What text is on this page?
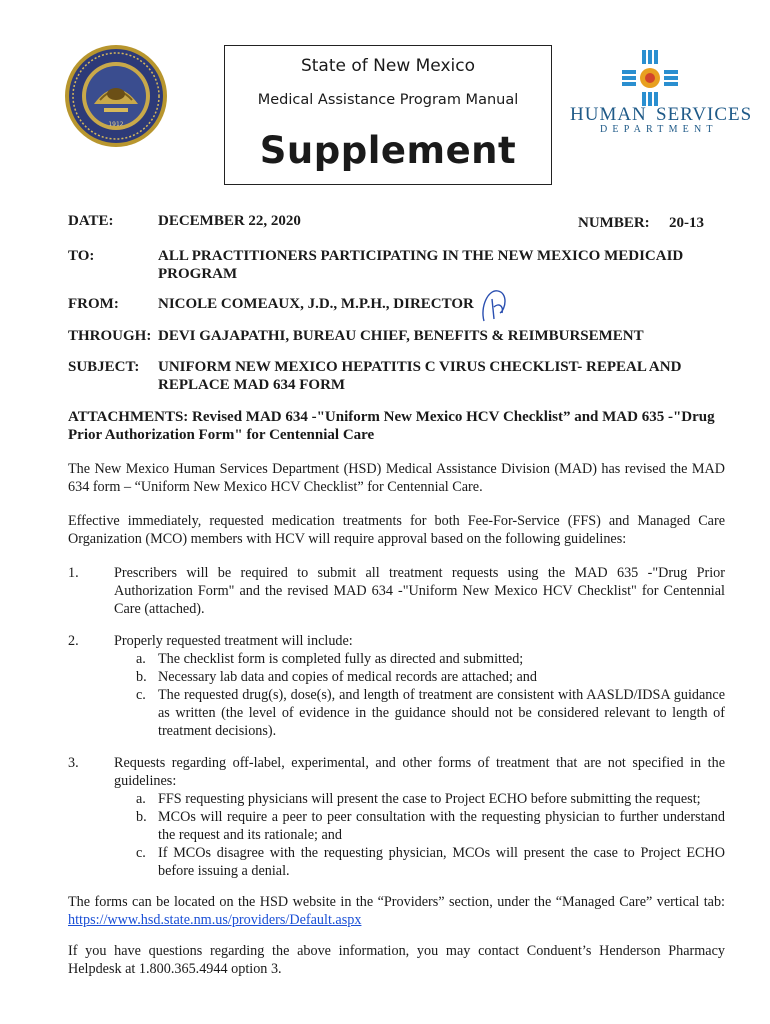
1912
State of New Mexico
Medical Assistance Program Manual
Supplement
HUMAN SERVICES
DEPARTMENT
DATE:	DECEMBER 22, 2020	NUMBER: 20-13
TO:	ALL PRACTITIONERS PARTICIPATING IN THE NEW MEXICO MEDICAID
PROGRAM
FROM:	NICOLE COMEAUX, J.D., M.P.H., DIRECTOR
THROUGH: DEVI GAJAPATHI, BUREAU CHIEF, BENEFITS & REIMBURSEMENT
SUBJECT: UNIFORM NEW MEXICO HEPATITIS C VIRUS CHECKLIST- REPEAL AND
REPLACE MAD 634 FORM
ATTACHMENTS: Revised MAD 634 -"Uniform New Mexico HCV Checklist” and MAD 635 -"Drug
Prior Authorization Form" for Centennial Care
The New Mexico Human Services Department (HSD) Medical Assistance Division (MAD) has revised the MAD 634 form – “Uniform New Mexico HCV Checklist” for Centennial Care.
Effective immediately, requested medication treatments for both Fee-For-Service (FFS) and Managed Care Organization (MCO) members with HCV will require approval based on the following guidelines:
1. Prescribers will be required to submit all treatment requests using the MAD 635 -"Drug Prior Authorization Form" and the revised MAD 634 -"Uniform New Mexico HCV Checklist" for Centennial Care (attached).
2. Properly requested treatment will include:
a. The checklist form is completed fully as directed and submitted;
b. Necessary lab data and copies of medical records are attached; and
c. The requested drug(s), dose(s), and length of treatment are consistent with AASLD/IDSA guidance as written (the level of evidence in the guidance should not be considered relevant to length of treatment decisions).
3. Requests regarding off-label, experimental, and other forms of treatment that are not specified in the guidelines:
a. FFS requesting physicians will present the case to Project ECHO before submitting the request;
b. MCOs will require a peer to peer consultation with the requesting physician to further understand the request and its rationale; and
c. If MCOs disagree with the requesting physician, MCOs will present the case to Project ECHO before issuing a denial.
The forms can be located on the HSD website in the “Providers” section, under the “Managed Care” vertical tab: https://www.hsd.state.nm.us/providers/Default.aspx
If you have questions regarding the above information, you may contact Conduent’s Henderson Pharmacy Helpdesk at 1.800.365.4944 option 3.
